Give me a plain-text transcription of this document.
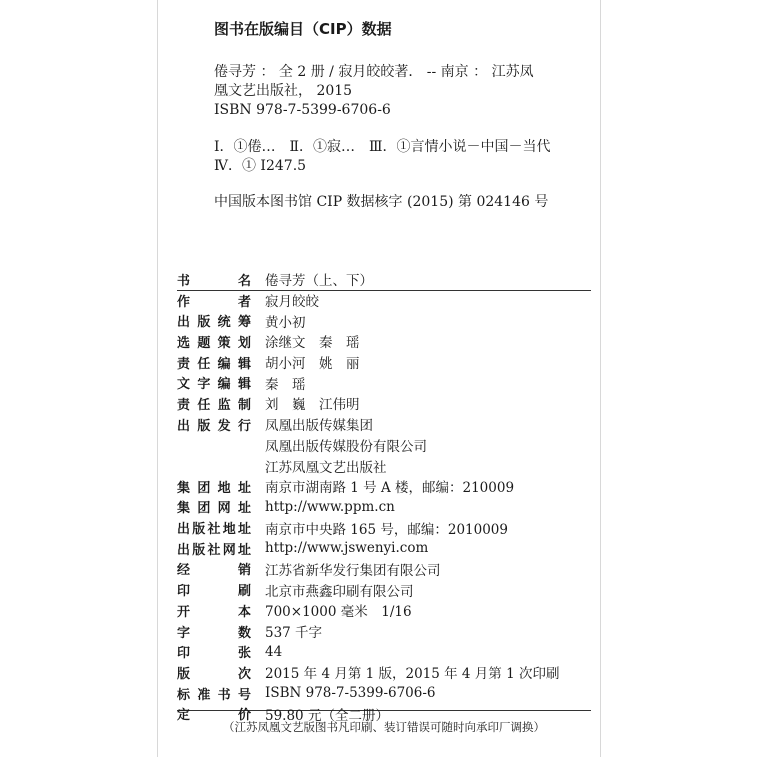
图书在版编目（CIP）数据

倦寻芳 ： 全 2 册 / 寂月皎皎著． -- 南京 ： 江苏凤

凰文艺出版社， 2015

ISBN 978-7-5399-6706-6

Ⅰ．①倦…　Ⅱ．①寂…　Ⅲ．①言情小说－中国－当代

Ⅳ．① I247.5

中国版本图书馆 CIP 数据核字 (2015) 第 024146 号

书　名	倦寻芳（上、下）
作　者	寂月皎皎
出版统筹	黄小初
选题策划	涂继文　秦　瑶
责任编辑	胡小河　姚　丽
文字编辑	秦　瑶
责任监制	刘　巍　江伟明
出版发行	凤凰出版传媒集团
凤凰出版传媒股份有限公司
江苏凤凰文艺出版社
集团地址	南京市湖南路 1 号 A 楼，邮编：210009
集团网址	http://www.ppm.cn
出版社地址	南京市中央路 165 号，邮编：2010009
出版社网址	http://www.jswenyi.com
经　销	江苏省新华发行集团有限公司
印　刷	北京市燕鑫印刷有限公司
开　本	700×1000 毫米　1/16
字　数	537 千字
印　张	44
版　次	2015 年 4 月第 1 版，2015 年 4 月第 1 次印刷
标准书号	ISBN 978-7-5399-6706-6
定　价	59.80 元（全二册）
（江苏凤凰文艺版图书凡印刷、装订错误可随时向承印厂调换）
